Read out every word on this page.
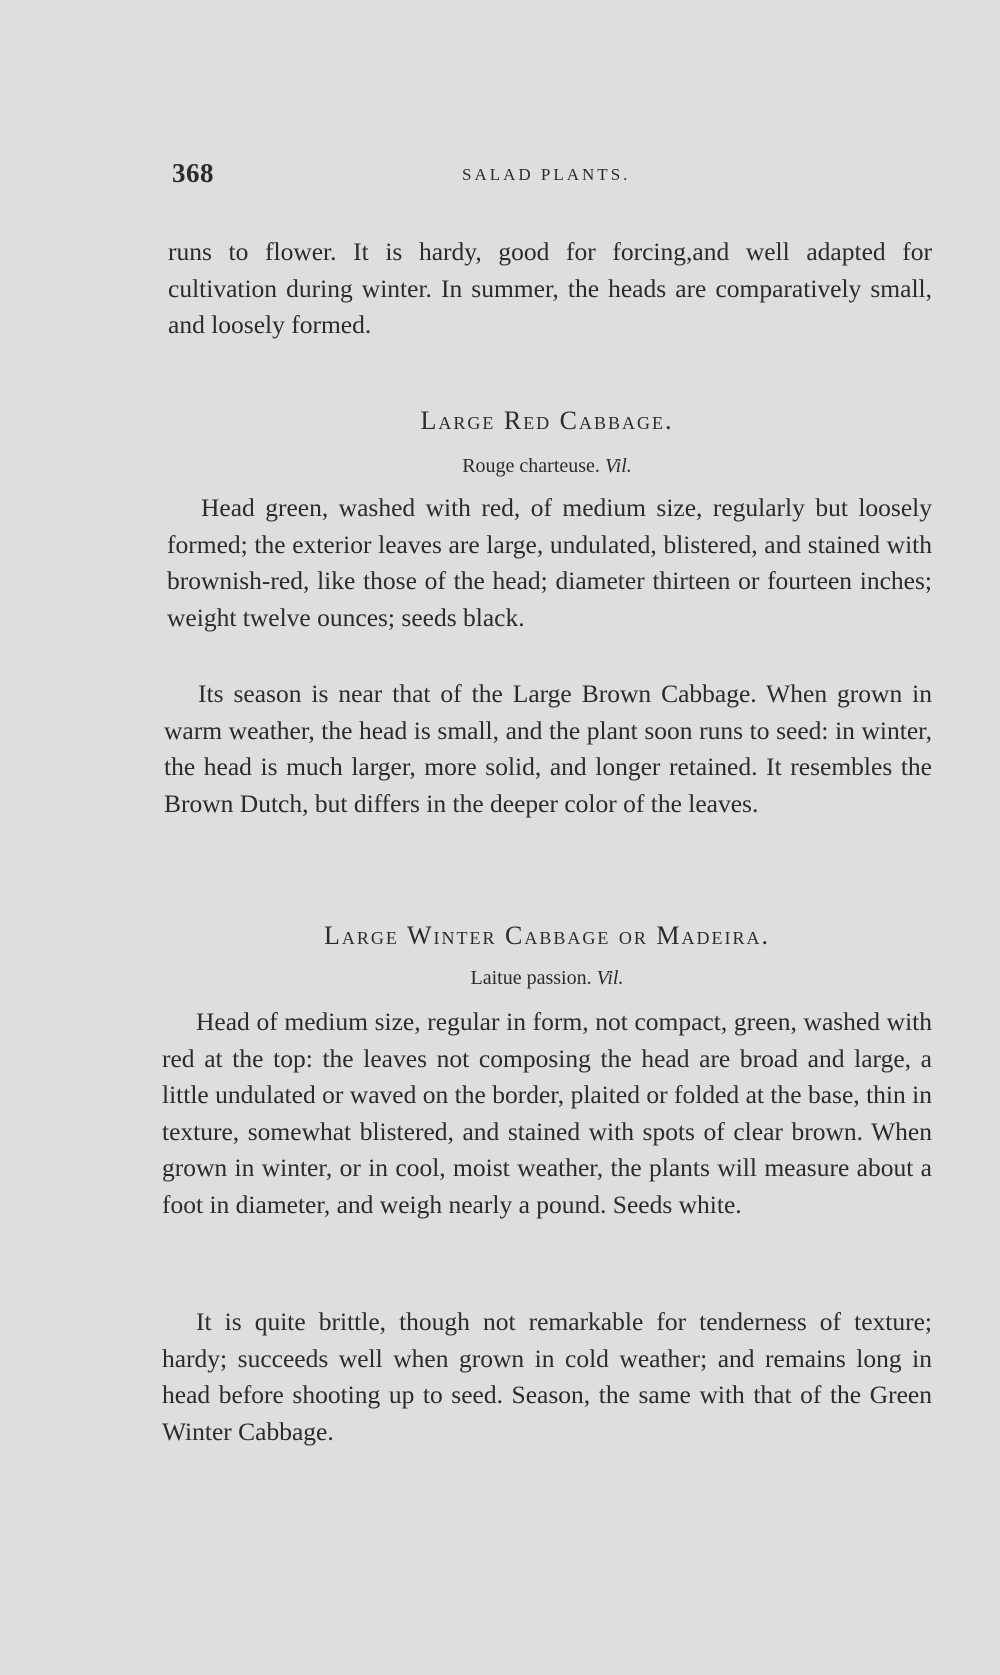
368	SALAD PLANTS.

runs to flower. It is hardy, good for forcing,and well adapted for cultivation during winter. In summer, the heads are comparatively small, and loosely formed.

Large Red Cabbage.
Rouge charteuse. Vil.

Head green, washed with red, of medium size, regularly but loosely formed; the exterior leaves are large, undulated, blistered, and stained with brownish-red, like those of the head; diameter thirteen or fourteen inches; weight twelve ounces; seeds black.

Its season is near that of the Large Brown Cabbage. When grown in warm weather, the head is small, and the plant soon runs to seed: in winter, the head is much larger, more solid, and longer retained. It resembles the Brown Dutch, but differs in the deeper color of the leaves.

Large Winter Cabbage or Madeira.
Laitue passion. Vil.

Head of medium size, regular in form, not compact, green, washed with red at the top: the leaves not composing the head are broad and large, a little undulated or waved on the border, plaited or folded at the base, thin in texture, somewhat blistered, and stained with spots of clear brown. When grown in winter, or in cool, moist weather, the plants will measure about a foot in diameter, and weigh nearly a pound. Seeds white.

It is quite brittle, though not remarkable for tenderness of texture; hardy; succeeds well when grown in cold weather; and remains long in head before shooting up to seed. Season, the same with that of the Green Winter Cabbage.
